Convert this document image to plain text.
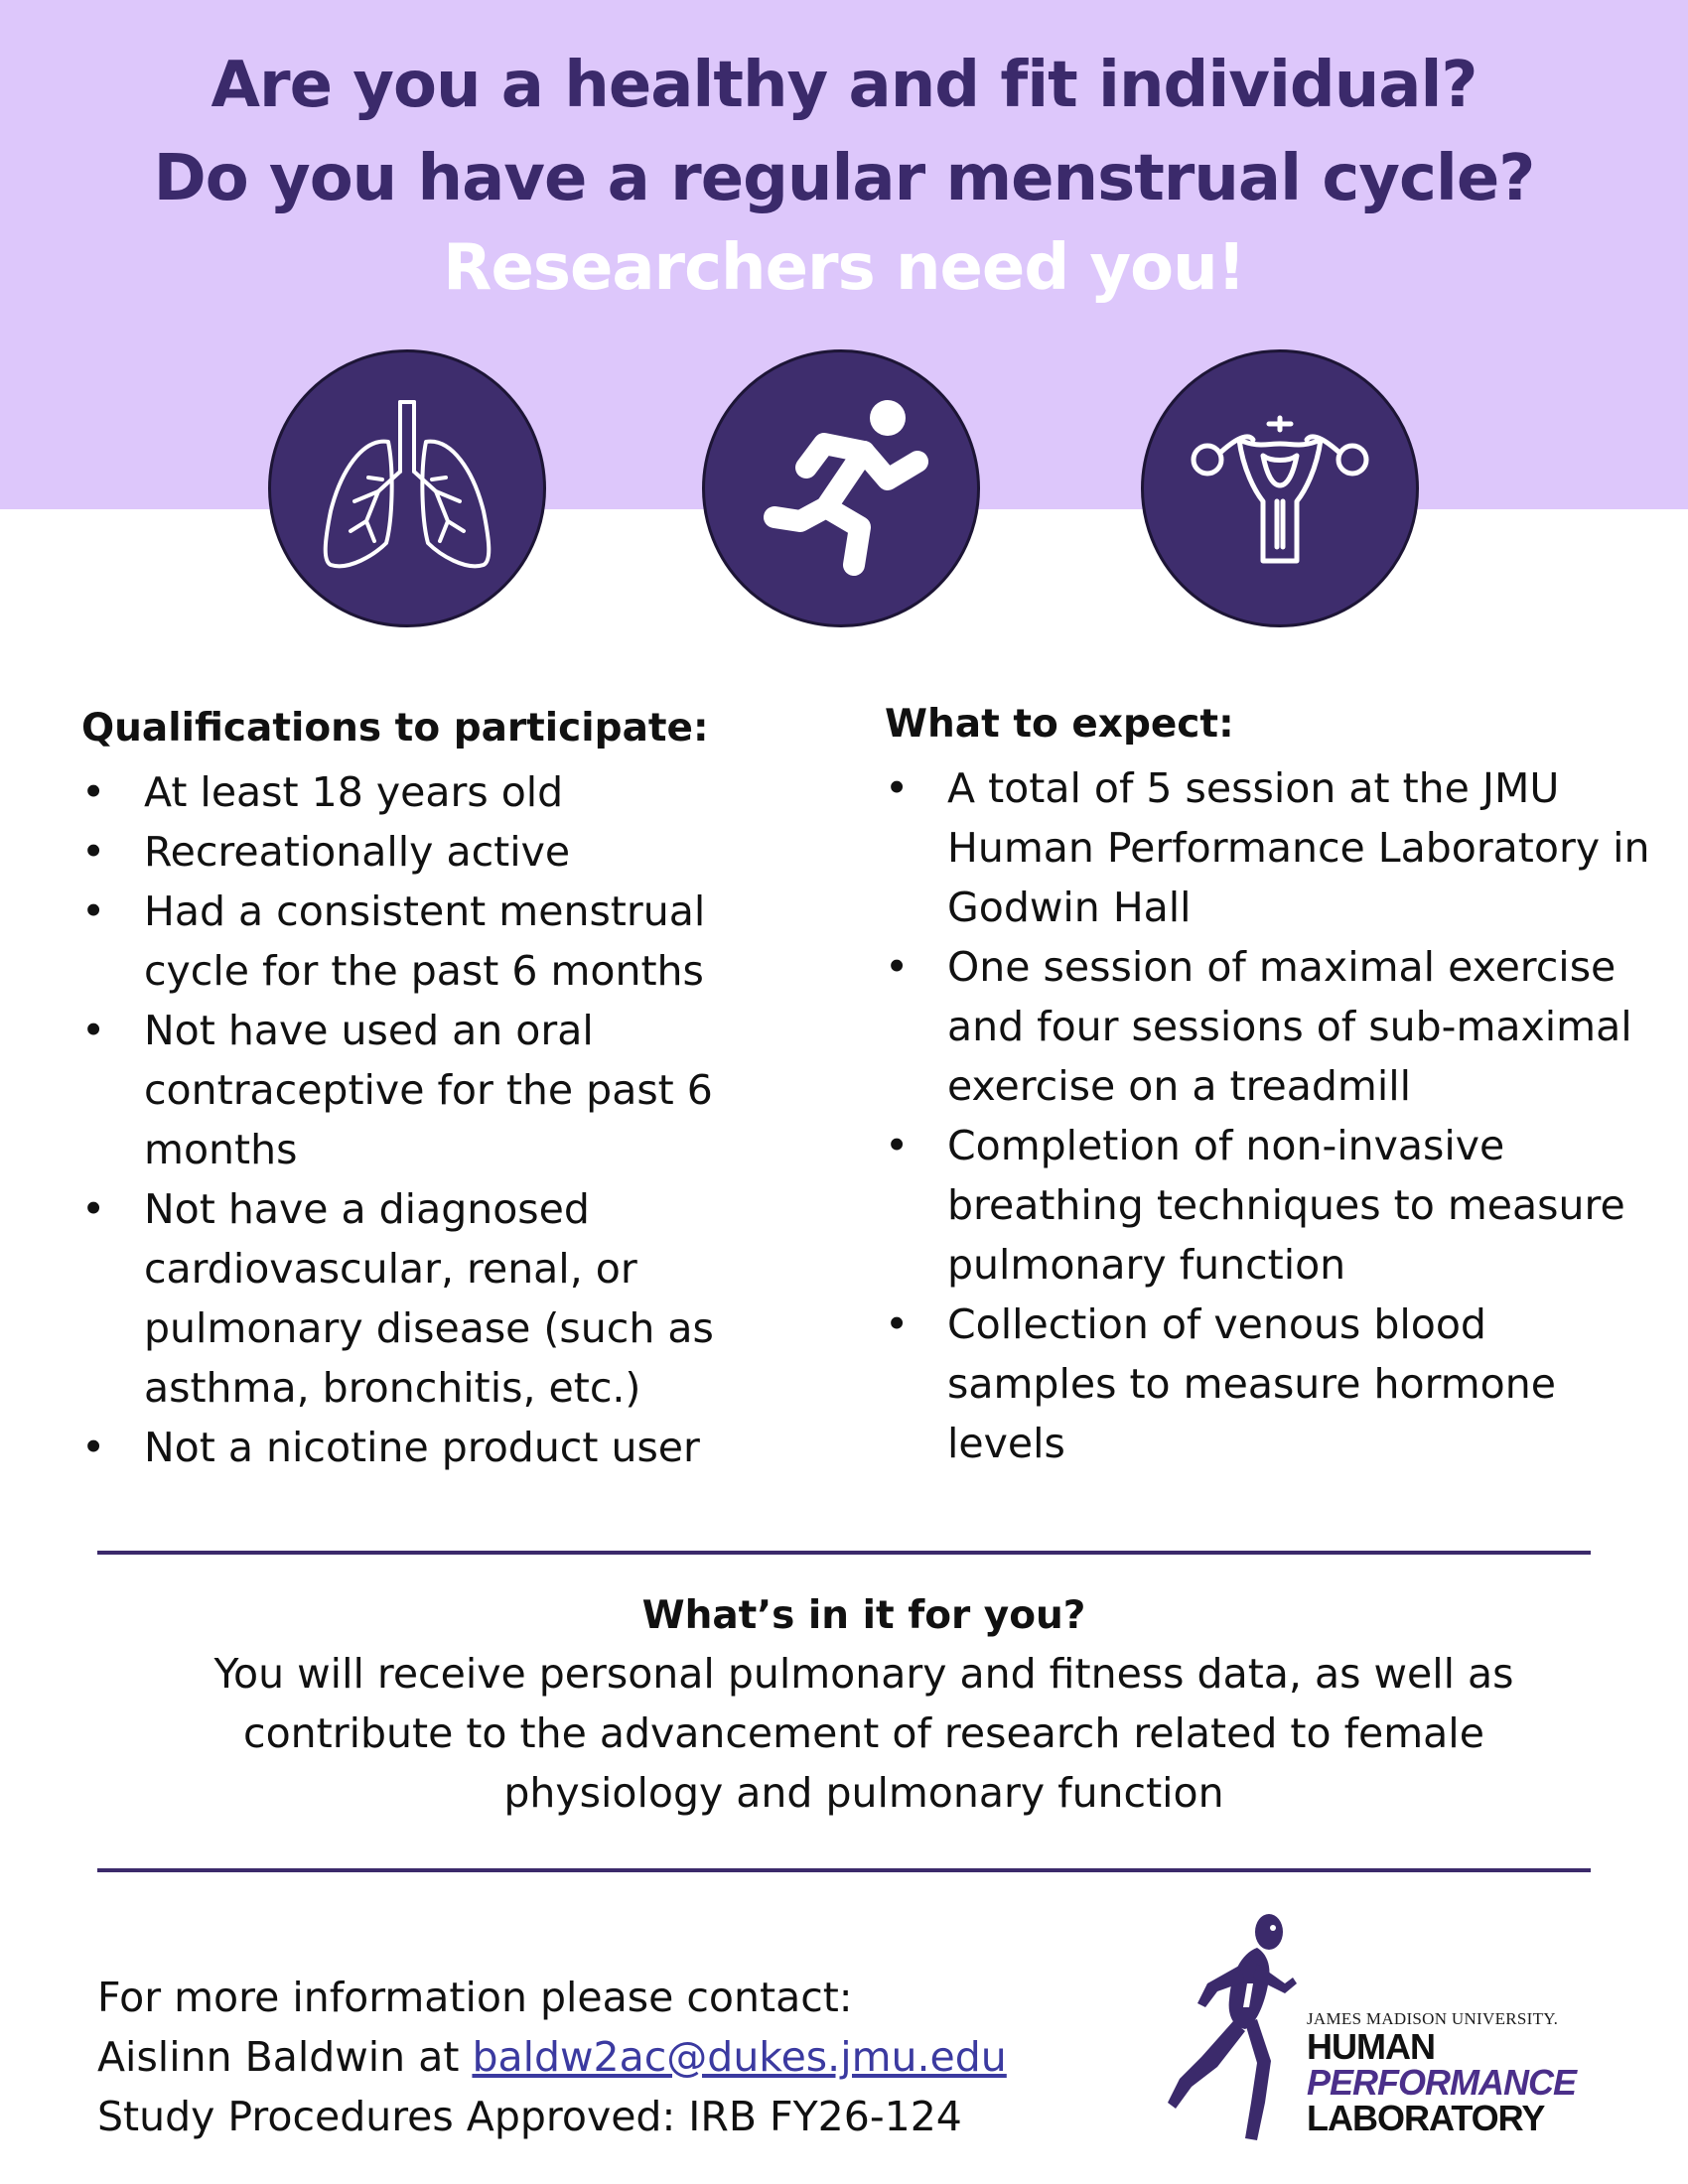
Are you a healthy and fit individual?
Do you have a regular menstrual cycle?
Researchers need you!
Qualifications to participate:
• At least 18 years old
• Recreationally active
• Had a consistent menstrual cycle for the past 6 months
• Not have used an oral contraceptive for the past 6 months
• Not have a diagnosed cardiovascular, renal, or pulmonary disease (such as asthma, bronchitis, etc.)
• Not a nicotine product user
What to expect:
• A total of 5 session at the JMU Human Performance Laboratory in Godwin Hall
• One session of maximal exercise and four sessions of sub-maximal exercise on a treadmill
• Completion of non-invasive breathing techniques to measure pulmonary function
• Collection of venous blood samples to measure hormone levels
What’s in it for you?

You will receive personal pulmonary and fitness data, as well as contribute to the advancement of research related to female physiology and pulmonary function

For more information please contact:
Aislinn Baldwin at baldw2ac@dukes.jmu.edu
Study Procedures Approved: IRB FY26-124
JAMES MADISON UNIVERSITY.
HUMAN
PERFORMANCE
LABORATORY
